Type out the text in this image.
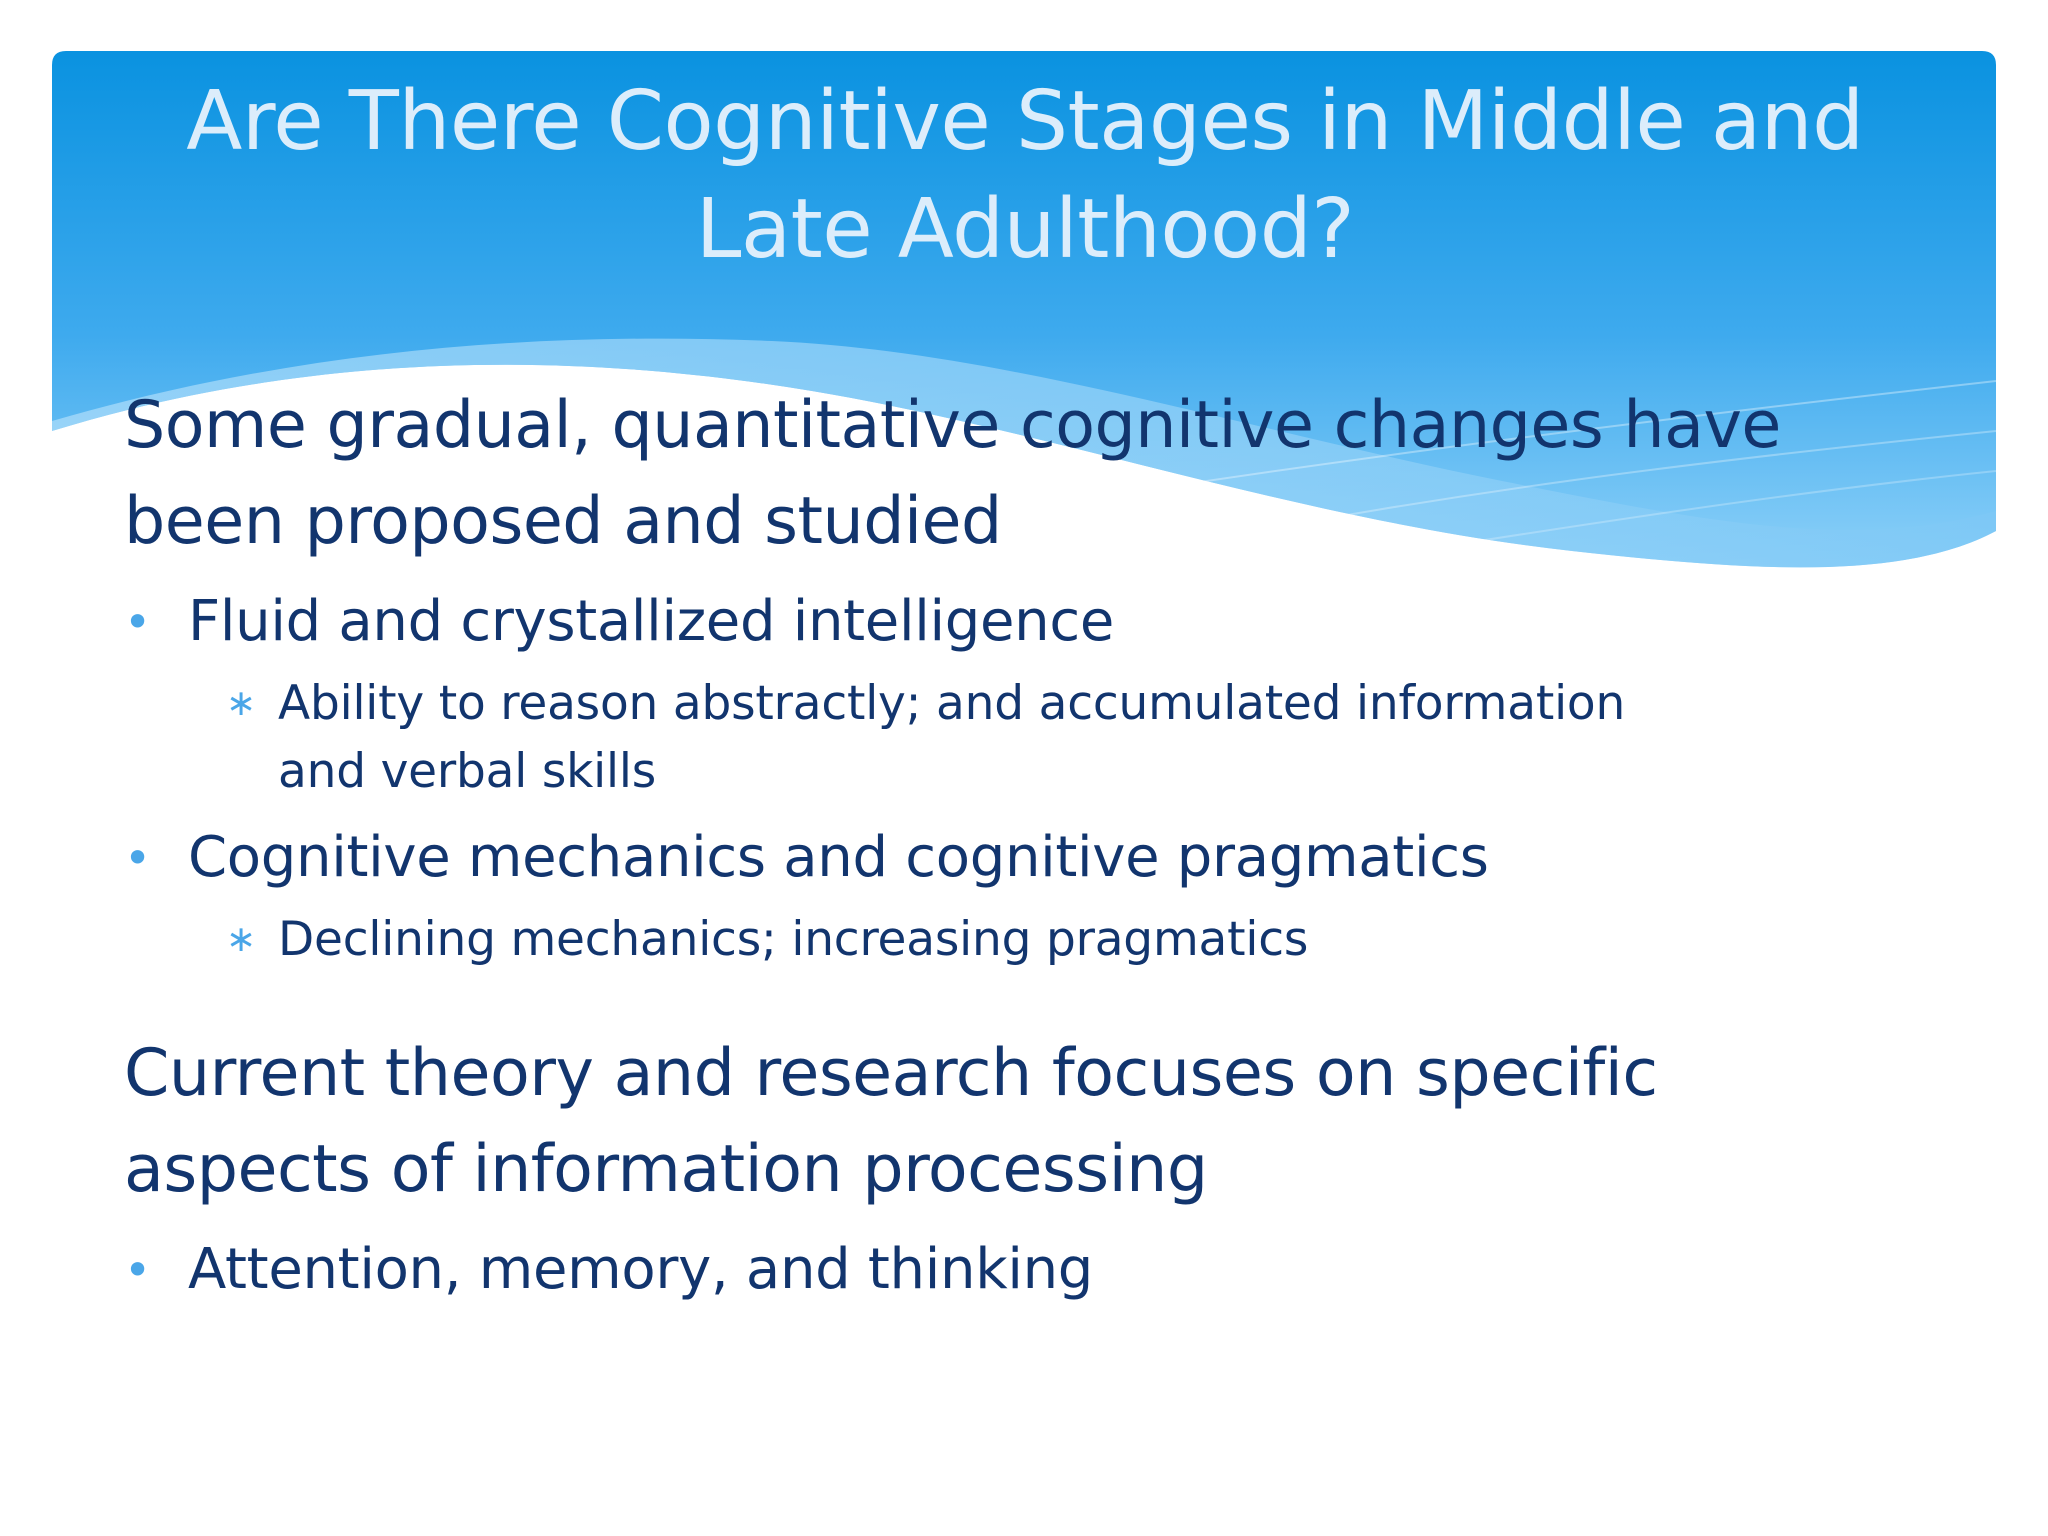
Are There Cognitive Stages in Middle and Late Adulthood?

Some gradual, quantitative cognitive changes have been proposed and studied

• Fluid and crystallized intelligence
∗ Ability to reason abstractly; and accumulated information and verbal skills
• Cognitive mechanics and cognitive pragmatics
∗ Declining mechanics; increasing pragmatics

Current theory and research focuses on specific aspects of information processing

• Attention, memory, and thinking
